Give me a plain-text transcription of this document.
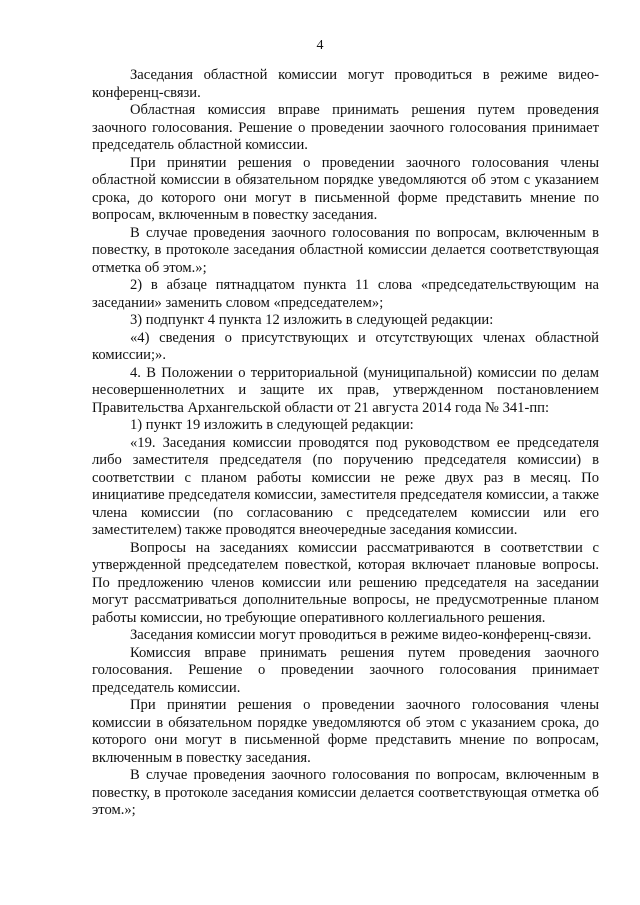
4

Заседания областной комиссии могут проводиться в режиме видео-конференц-связи.

Областная комиссия вправе принимать решения путем проведения заочного голосования. Решение о проведении заочного голосования принимает председатель областной комиссии.

При принятии решения о проведении заочного голосования члены областной комиссии в обязательном порядке уведомляются об этом с указанием срока, до которого они могут в письменной форме представить мнение по вопросам, включенным в повестку заседания.

В случае проведения заочного голосования по вопросам, включенным в повестку, в протоколе заседания областной комиссии делается соответствующая отметка об этом.»;

2) в абзаце пятнадцатом пункта 11 слова «председательствующим на заседании» заменить словом «председателем»;

3) подпункт 4 пункта 12 изложить в следующей редакции:

«4) сведения о присутствующих и отсутствующих членах областной комиссии;».

4. В Положении о территориальной (муниципальной) комиссии по делам несовершеннолетних и защите их прав, утвержденном постановлением Правительства Архангельской области от 21 августа 2014 года № 341-пп:

1) пункт 19 изложить в следующей редакции:

«19. Заседания комиссии проводятся под руководством ее председателя либо заместителя председателя (по поручению председателя комиссии) в соответствии с планом работы комиссии не реже двух раз в месяц. По инициативе председателя комиссии, заместителя председателя комиссии, а также члена комиссии (по согласованию с председателем комиссии или его заместителем) также проводятся внеочередные заседания комиссии.

Вопросы на заседаниях комиссии рассматриваются в соответствии с утвержденной председателем повесткой, которая включает плановые вопросы. По предложению членов комиссии или решению председателя на заседании могут рассматриваться дополнительные вопросы, не предусмотренные планом работы комиссии, но требующие оперативного коллегиального решения.

Заседания комиссии могут проводиться в режиме видео-конференц-связи.

Комиссия вправе принимать решения путем проведения заочного голосования. Решение о проведении заочного голосования принимает председатель комиссии.

При принятии решения о проведении заочного голосования члены комиссии в обязательном порядке уведомляются об этом с указанием срока, до которого они могут в письменной форме представить мнение по вопросам, включенным в повестку заседания.

В случае проведения заочного голосования по вопросам, включенным в повестку, в протоколе заседания комиссии делается соответствующая отметка об этом.»;
